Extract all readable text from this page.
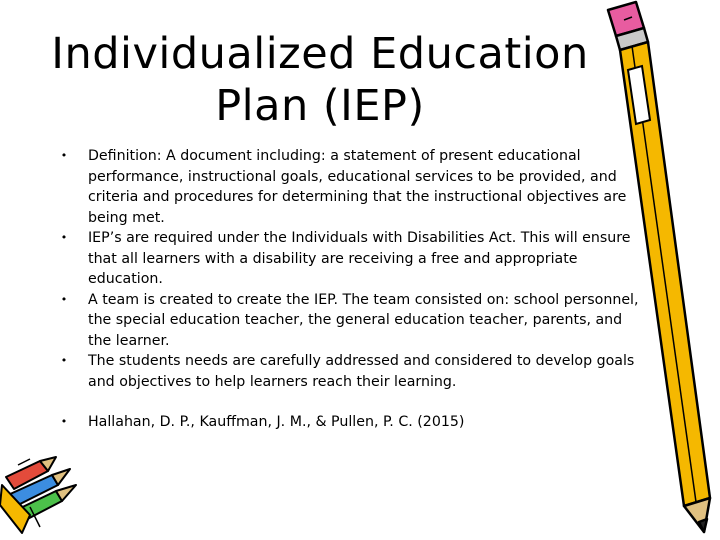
Individualized Education
Plan (IEP)
• Definition: A document including: a statement of present educational performance, instructional goals, educational services to be provided, and criteria and procedures for determining that the instructional objectives are being met.
• IEP’s are required under the Individuals with Disabilities Act. This will ensure that all learners with a disability are receiving a free and appropriate education.
• A team is created to create the IEP. The team consisted on: school personnel, the special education teacher, the general education teacher, parents, and the learner.
• The students needs are carefully addressed and considered to develop goals and objectives to help learners reach their learning.
• Hallahan, D. P., Kauffman, J. M., & Pullen, P. C. (2015)
